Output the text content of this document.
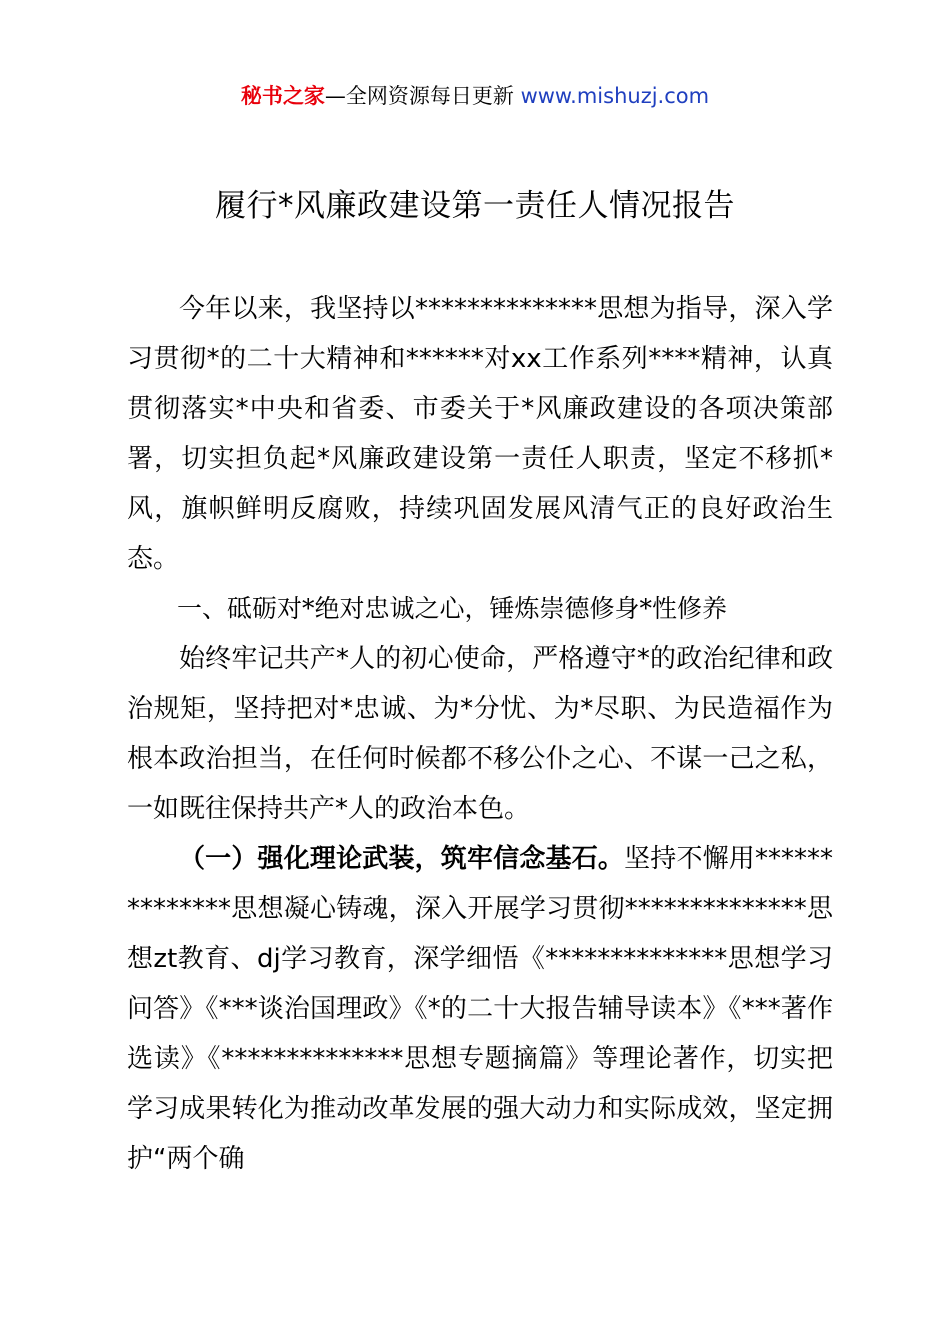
秘书之家—全网资源每日更新 www.mishuzj.com
履行*风廉政建设第一责任人情况报告

今年以来，我坚持以**************思想为指导，深入学习贯彻*的二十大精神和******对xx工作系列****精神，认真贯彻落实*中央和省委、市委关于*风廉政建设的各项决策部署，切实担负起*风廉政建设第一责任人职责，坚定不移抓*风，旗帜鲜明反腐败，持续巩固发展风清气正的良好政治生态。

一、砥砺对*绝对忠诚之心，锤炼崇德修身*性修养

始终牢记共产*人的初心使命，严格遵守*的政治纪律和政治规矩，坚持把对*忠诚、为*分忧、为*尽职、为民造福作为根本政治担当，在任何时候都不移公仆之心、不谋一己之私，一如既往保持共产*人的政治本色。

（一）强化理论武装，筑牢信念基石。坚持不懈用**************思想凝心铸魂，深入开展学习贯彻**************思想zt教育、dj学习教育，深学细悟《**************思想学习问答》《***谈治国理政》《*的二十大报告辅导读本》《***著作选读》《**************思想专题摘篇》等理论著作，切实把学习成果转化为推动改革发展的强大动力和实际成效，坚定拥护“两个确
